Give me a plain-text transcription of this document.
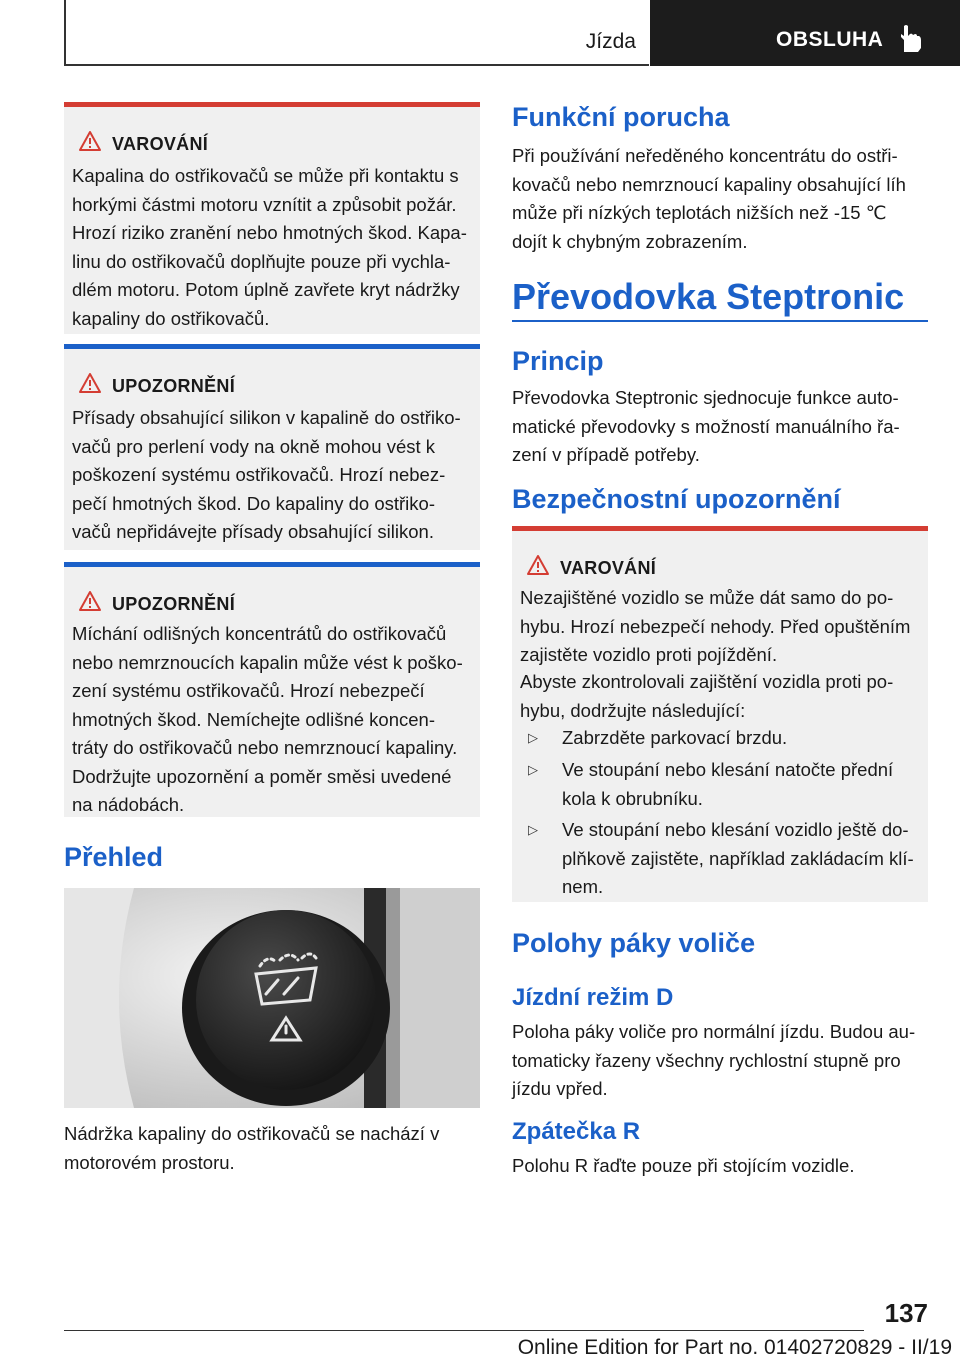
Jízda	OBSLUHA
VAROVÁNÍ
Kapalina do ostřikovačů se může při kontaktu s
horkými částmi motoru vznítit a způsobit požár.
Hrozí riziko zranění nebo hmotných škod. Kapa-
linu do ostřikovačů doplňujte pouze při vychla-
dlém motoru. Potom úplně zavřete kryt nádržky
kapaliny do ostřikovačů.
UPOZORNĚNÍ
Přísady obsahující silikon v kapalině do ostřiko-
vačů pro perlení vody na okně mohou vést k
poškození systému ostřikovačů. Hrozí nebez-
pečí hmotných škod. Do kapaliny do ostřiko-
vačů nepřidávejte přísady obsahující silikon.
UPOZORNĚNÍ
Míchání odlišných koncentrátů do ostřikovačů
nebo nemrznoucích kapalin může vést k poško-
zení systému ostřikovačů. Hrozí nebezpečí
hmotných škod. Nemíchejte odlišné koncen-
tráty do ostřikovačů nebo nemrznoucí kapaliny.
Dodržujte upozornění a poměr směsi uvedené
na nádobách.
Přehled
Nádržka kapaliny do ostřikovačů se nachází v
motorovém prostoru.
Funkční porucha
Při používání neředěného koncentrátu do ostři-
kovačů nebo nemrznoucí kapaliny obsahující líh
může při nízkých teplotách nižších než -15 ℃
dojít k chybným zobrazením.
Převodovka Steptronic
Princip
Převodovka Steptronic sjednocuje funkce auto-
matické převodovky s možností manuálního řa-
zení v případě potřeby.
Bezpečnostní upozornění
VAROVÁNÍ
Nezajištěné vozidlo se může dát samo do po-
hybu. Hrozí nebezpečí nehody. Před opuštěním
zajistěte vozidlo proti pojíždění.
Abyste zkontrolovali zajištění vozidla proti po-
hybu, dodržujte následující:
▷ Zabrzděte parkovací brzdu.
▷ Ve stoupání nebo klesání natočte přední
kola k obrubníku.
▷ Ve stoupání nebo klesání vozidlo ještě do-
plňkově zajistěte, například zakládacím klí-
nem.
Polohy páky voliče
Jízdní režim D
Poloha páky voliče pro normální jízdu. Budou au-
tomaticky řazeny všechny rychlostní stupně pro
jízdu vpřed.
Zpátečka R
Polohu R řaďte pouze při stojícím vozidle.
137
Online Edition for Part no. 01402720829 - II/19
